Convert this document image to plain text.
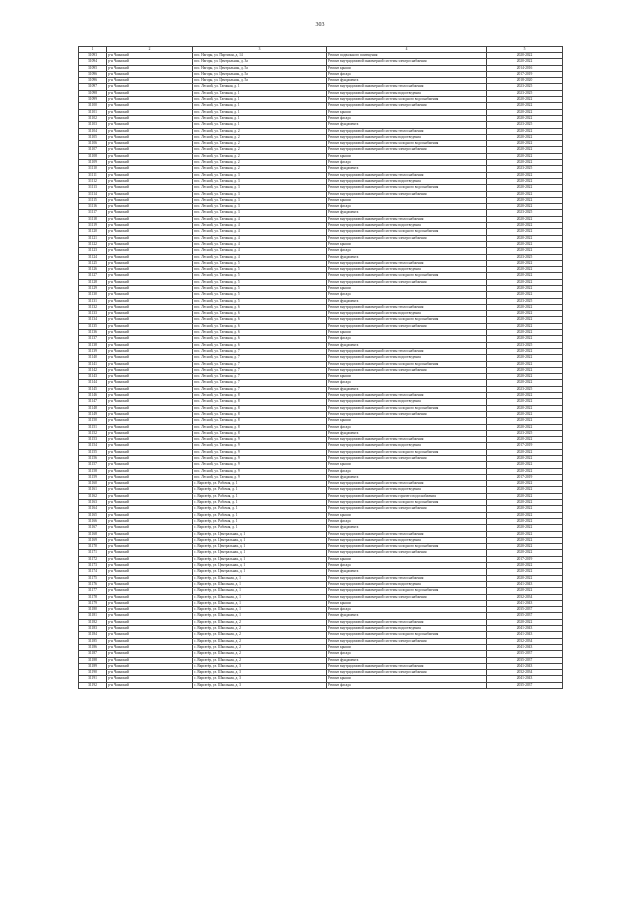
303
1	2	3	4	5
31093	р-н Чаинский	пос. Нагорн, ул. Партизан, д. 14	Ремонт подвального помещения	2020-2022
31094	р-н Чаинский	пос. Нагорн, ул. Центральная, д. 3а	Ремонт внутридомовой инженерной системы электроснабжения	2020-2022
31095	р-н Чаинский	пос. Нагорн, ул. Центральная, д. 5а	Ремонт крыши	2014-2016
31096	р-н Чаинский	пос. Нагорн, ул. Центральная, д. 5а	Ремонт фасада	2017-2019
31096	р-н Чаинский	пос. Нагорн, ул. Центральная, д. 5а	Ремонт фундамента	2018-2020
31097	р-н Чаинский	пос. Лесной, ул. Таежная, д. 1	Ремонт внутридомовой инженерной системы теплоснабжения	2023-2025
31098	р-н Чаинский	пос. Лесной, ул. Таежная, д. 1	Ремонт внутридомовой инженерной системы водоотведения	2023-2025
31099	р-н Чаинский	пос. Лесной, ул. Таежная, д. 1	Ремонт внутридомовой инженерной системы холодного водоснабжения	2020-2022
31100	р-н Чаинский	пос. Лесной, ул. Таежная, д. 1	Ремонт внутридомовой инженерной системы электроснабжения	2020-2022
31101	р-н Чаинский	пос. Лесной, ул. Таежная, д. 1	Ремонт крыши	2020-2022
31102	р-н Чаинский	пос. Лесной, ул. Таежная, д. 1	Ремонт фасада	2020-2022
31103	р-н Чаинский	пос. Лесной, ул. Таежная, д. 1	Ремонт фундамента	2023-2025
31104	р-н Чаинский	пос. Лесной, ул. Таежная, д. 2	Ремонт внутридомовой инженерной системы теплоснабжения	2020-2022
31105	р-н Чаинский	пос. Лесной, ул. Таежная, д. 2	Ремонт внутридомовой инженерной системы водоотведения	2020-2022
31106	р-н Чаинский	пос. Лесной, ул. Таежная, д. 2	Ремонт внутридомовой инженерной системы холодного водоснабжения	2020-2022
31107	р-н Чаинский	пос. Лесной, ул. Таежная, д. 2	Ремонт внутридомовой инженерной системы электроснабжения	2020-2022
31108	р-н Чаинский	пос. Лесной, ул. Таежная, д. 2	Ремонт крыши	2020-2022
31109	р-н Чаинский	пос. Лесной, ул. Таежная, д. 2	Ремонт фасада	2020-2022
31110	р-н Чаинский	пос. Лесной, ул. Таежная, д. 2	Ремонт фундамента	2023-2025
31111	р-н Чаинский	пос. Лесной, ул. Таежная, д. 3	Ремонт внутридомовой инженерной системы теплоснабжения	2020-2022
31112	р-н Чаинский	пос. Лесной, ул. Таежная, д. 3	Ремонт внутридомовой инженерной системы водоотведения	2020-2022
31113	р-н Чаинский	пос. Лесной, ул. Таежная, д. 3	Ремонт внутридомовой инженерной системы холодного водоснабжения	2020-2022
31114	р-н Чаинский	пос. Лесной, ул. Таежная, д. 3	Ремонт внутридомовой инженерной системы электроснабжения	2020-2022
31115	р-н Чаинский	пос. Лесной, ул. Таежная, д. 3	Ремонт крыши	2020-2022
31116	р-н Чаинский	пос. Лесной, ул. Таежная, д. 3	Ремонт фасада	2020-2022
31117	р-н Чаинский	пос. Лесной, ул. Таежная, д. 3	Ремонт фундамента	2023-2025
31118	р-н Чаинский	пос. Лесной, ул. Таежная, д. 4	Ремонт внутридомовой инженерной системы теплоснабжения	2020-2022
31119	р-н Чаинский	пос. Лесной, ул. Таежная, д. 4	Ремонт внутридомовой инженерной системы водоотведения	2020-2022
31120	р-н Чаинский	пос. Лесной, ул. Таежная, д. 4	Ремонт внутридомовой инженерной системы холодного водоснабжения	2020-2022
31121	р-н Чаинский	пос. Лесной, ул. Таежная, д. 4	Ремонт внутридомовой инженерной системы электроснабжения	2020-2022
31122	р-н Чаинский	пос. Лесной, ул. Таежная, д. 4	Ремонт крыши	2020-2022
31123	р-н Чаинский	пос. Лесной, ул. Таежная, д. 4	Ремонт фасада	2020-2022
31124	р-н Чаинский	пос. Лесной, ул. Таежная, д. 4	Ремонт фундамента	2023-2025
31125	р-н Чаинский	пос. Лесной, ул. Таежная, д. 5	Ремонт внутридомовой инженерной системы теплоснабжения	2020-2022
31126	р-н Чаинский	пос. Лесной, ул. Таежная, д. 5	Ремонт внутридомовой инженерной системы водоотведения	2020-2022
31127	р-н Чаинский	пос. Лесной, ул. Таежная, д. 5	Ремонт внутридомовой инженерной системы холодного водоснабжения	2020-2022
31128	р-н Чаинский	пос. Лесной, ул. Таежная, д. 5	Ремонт внутридомовой инженерной системы электроснабжения	2020-2022
31129	р-н Чаинский	пос. Лесной, ул. Таежная, д. 5	Ремонт крыши	2020-2022
31130	р-н Чаинский	пос. Лесной, ул. Таежная, д. 5	Ремонт фасада	2020-2022
31131	р-н Чаинский	пос. Лесной, ул. Таежная, д. 5	Ремонт фундамента	2023-2025
31132	р-н Чаинский	пос. Лесной, ул. Таежная, д. 6	Ремонт внутридомовой инженерной системы теплоснабжения	2020-2022
31133	р-н Чаинский	пос. Лесной, ул. Таежная, д. 6	Ремонт внутридомовой инженерной системы водоотведения	2020-2022
31134	р-н Чаинский	пос. Лесной, ул. Таежная, д. 6	Ремонт внутридомовой инженерной системы холодного водоснабжения	2020-2022
31135	р-н Чаинский	пос. Лесной, ул. Таежная, д. 6	Ремонт внутридомовой инженерной системы электроснабжения	2020-2022
31136	р-н Чаинский	пос. Лесной, ул. Таежная, д. 6	Ремонт крыши	2020-2022
31137	р-н Чаинский	пос. Лесной, ул. Таежная, д. 6	Ремонт фасада	2020-2022
31138	р-н Чаинский	пос. Лесной, ул. Таежная, д. 6	Ремонт фундамента	2023-2025
31139	р-н Чаинский	пос. Лесной, ул. Таежная, д. 7	Ремонт внутридомовой инженерной системы теплоснабжения	2020-2022
31140	р-н Чаинский	пос. Лесной, ул. Таежная, д. 7	Ремонт внутридомовой инженерной системы водоотведения	2020-2022
31141	р-н Чаинский	пос. Лесной, ул. Таежная, д. 7	Ремонт внутридомовой инженерной системы холодного водоснабжения	2020-2022
31142	р-н Чаинский	пос. Лесной, ул. Таежная, д. 7	Ремонт внутридомовой инженерной системы электроснабжения	2020-2022
31143	р-н Чаинский	пос. Лесной, ул. Таежная, д. 7	Ремонт крыши	2020-2022
31144	р-н Чаинский	пос. Лесной, ул. Таежная, д. 7	Ремонт фасада	2020-2022
31145	р-н Чаинский	пос. Лесной, ул. Таежная, д. 7	Ремонт фундамента	2023-2025
31146	р-н Чаинский	пос. Лесной, ул. Таежная, д. 8	Ремонт внутридомовой инженерной системы теплоснабжения	2020-2022
31147	р-н Чаинский	пос. Лесной, ул. Таежная, д. 8	Ремонт внутридомовой инженерной системы водоотведения	2020-2022
31148	р-н Чаинский	пос. Лесной, ул. Таежная, д. 8	Ремонт внутридомовой инженерной системы холодного водоснабжения	2020-2022
31149	р-н Чаинский	пос. Лесной, ул. Таежная, д. 8	Ремонт внутридомовой инженерной системы электроснабжения	2020-2022
31150	р-н Чаинский	пос. Лесной, ул. Таежная, д. 8	Ремонт крыши	2020-2022
31151	р-н Чаинский	пос. Лесной, ул. Таежная, д. 8	Ремонт фасада	2020-2022
31152	р-н Чаинский	пос. Лесной, ул. Таежная, д. 8	Ремонт фундамента	2023-2025
31153	р-н Чаинский	пос. Лесной, ул. Таежная, д. 9	Ремонт внутридомовой инженерной системы теплоснабжения	2020-2022
31154	р-н Чаинский	пос. Лесной, ул. Таежная, д. 9	Ремонт внутридомовой инженерной системы водоотведения	2017-2019
31155	р-н Чаинский	пос. Лесной, ул. Таежная, д. 9	Ремонт внутридомовой инженерной системы холодного водоснабжения	2020-2022
31156	р-н Чаинский	пос. Лесной, ул. Таежная, д. 9	Ремонт внутридомовой инженерной системы электроснабжения	2020-2022
31157	р-н Чаинский	пос. Лесной, ул. Таежная, д. 9	Ремонт крыши	2020-2022
31158	р-н Чаинский	пос. Лесной, ул. Таежная, д. 9	Ремонт фасада	2020-2022
31159	р-н Чаинский	пос. Лесной, ул. Таежная, д. 9	Ремонт фундамента	2017-2019
31160	р-н Чаинский	с. Варгатёр, ул. Рабочая, д. 1	Ремонт внутридомовой инженерной системы теплоснабжения	2020-2022
31161	р-н Чаинский	с. Варгатёр, ул. Рабочая, д. 1	Ремонт внутридомовой инженерной системы водоотведения	2020-2022
31162	р-н Чаинский	с. Варгатёр, ул. Рабочая, д. 1	Ремонт внутридомовой инженерной системы горячего водоснабжения	2020-2022
31163	р-н Чаинский	с. Варгатёр, ул. Рабочая, д. 1	Ремонт внутридомовой инженерной системы холодного водоснабжения	2020-2022
31164	р-н Чаинский	с. Варгатёр, ул. Рабочая, д. 1	Ремонт внутридомовой инженерной системы электроснабжения	2020-2022
31165	р-н Чаинский	с. Варгатёр, ул. Рабочая, д. 1	Ремонт крыши	2020-2022
31166	р-н Чаинский	с. Варгатёр, ул. Рабочая, д. 1	Ремонт фасада	2020-2022
31167	р-н Чаинский	с. Варгатёр, ул. Рабочая, д. 1	Ремонт фундамента	2020-2022
31168	р-н Чаинский	с. Варгатёр, ул. Центральная, д. 1	Ремонт внутридомовой инженерной системы теплоснабжения	2020-2022
31169	р-н Чаинский	с. Варгатёр, ул. Центральная, д. 1	Ремонт внутридомовой инженерной системы водоотведения	2020-2022
31170	р-н Чаинский	с. Варгатёр, ул. Центральная, д. 1	Ремонт внутридомовой инженерной системы холодного водоснабжения	2020-2022
31171	р-н Чаинский	с. Варгатёр, ул. Центральная, д. 1	Ремонт внутридомовой инженерной системы электроснабжения	2020-2022
31172	р-н Чаинский	с. Варгатёр, ул. Центральная, д. 1	Ремонт крыши	2017-2019
31173	р-н Чаинский	с. Варгатёр, ул. Центральная, д. 1	Ремонт фасада	2020-2022
31174	р-н Чаинский	с. Варгатёр, ул. Центральная, д. 1	Ремонт фундамента	2020-2022
31175	р-н Чаинский	с. Варгатёр, ул. Школьная, д. 1	Ремонт внутридомовой инженерной системы теплоснабжения	2020-2022
31176	р-н Чаинский	с. Варгатёр, ул. Школьная, д. 1	Ремонт внутридомовой инженерной системы водоотведения	2041-2043
31177	р-н Чаинский	с. Варгатёр, ул. Школьная, д. 1	Ремонт внутридомовой инженерной системы холодного водоснабжения	2020-2022
31178	р-н Чаинский	с. Варгатёр, ул. Школьная, д. 1	Ремонт внутридомовой инженерной системы электроснабжения	2032-2034
31179	р-н Чаинский	с. Варгатёр, ул. Школьная, д. 1	Ремонт крыши	2041-2043
31180	р-н Чаинский	с. Варгатёр, ул. Школьная, д. 1	Ремонт фасада	2035-2037
31181	р-н Чаинский	с. Варгатёр, ул. Школьная, д. 1	Ремонт фундамента	2035-2037
31182	р-н Чаинский	с. Варгатёр, ул. Школьная, д. 2	Ремонт внутридомовой инженерной системы теплоснабжения	2020-2022
31183	р-н Чаинский	с. Варгатёр, ул. Школьная, д. 2	Ремонт внутридомовой инженерной системы водоотведения	2041-2043
31184	р-н Чаинский	с. Варгатёр, ул. Школьная, д. 2	Ремонт внутридомовой инженерной системы холодного водоснабжения	2041-2043
31185	р-н Чаинский	с. Варгатёр, ул. Школьная, д. 2	Ремонт внутридомовой инженерной системы электроснабжения	2032-2034
31186	р-н Чаинский	с. Варгатёр, ул. Школьная, д. 2	Ремонт крыши	2041-2043
31187	р-н Чаинский	с. Варгатёр, ул. Школьная, д. 2	Ремонт фасада	2035-2037
31188	р-н Чаинский	с. Варгатёр, ул. Школьная, д. 2	Ремонт фундамента	2035-2037
31189	р-н Чаинский	с. Варгатёр, ул. Школьная, д. 3	Ремонт внутридомовой инженерной системы теплоснабжения	2041-2043
31190	р-н Чаинский	с. Варгатёр, ул. Школьная, д. 3	Ремонт внутридомовой инженерной системы электроснабжения	2032-2034
31191	р-н Чаинский	с. Варгатёр, ул. Школьная, д. 3	Ремонт крыши	2041-2043
31192	р-н Чаинский	с. Варгатёр, ул. Школьная, д. 3	Ремонт фасада	2035-2037
